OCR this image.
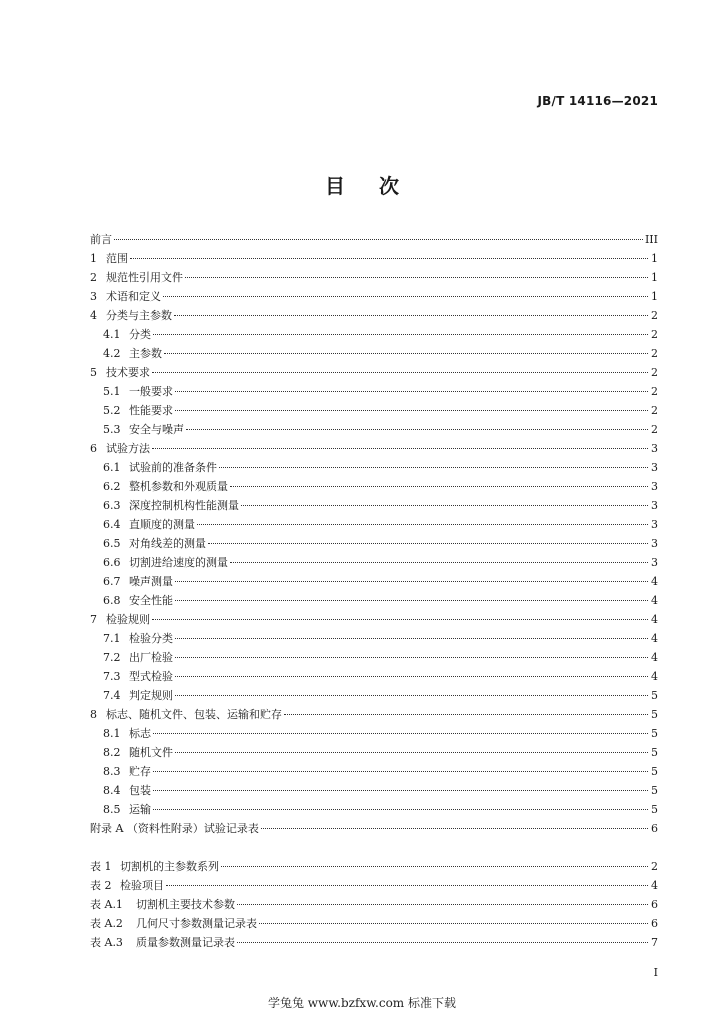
JB/T 14116—2021
目 次
前言	III
1 范围	1
2 规范性引用文件	1
3 术语和定义	1
4 分类与主参数	2
4.1 分类	2
4.2 主参数	2
5 技术要求	2
5.1 一般要求	2
5.2 性能要求	2
5.3 安全与噪声	2
6 试验方法	3
6.1 试验前的准备条件	3
6.2 整机参数和外观质量	3
6.3 深度控制机构性能测量	3
6.4 直顺度的测量	3
6.5 对角线差的测量	3
6.6 切割进给速度的测量	3
6.7 噪声测量	4
6.8 安全性能	4
7 检验规则	4
7.1 检验分类	4
7.2 出厂检验	4
7.3 型式检验	4
7.4 判定规则	5
8 标志、随机文件、包装、运输和贮存	5
8.1 标志	5
8.2 随机文件	5
8.3 贮存	5
8.4 包装	5
8.5 运输	5
附录 A （资料性附录）试验记录表	6
表 1 切割机的主参数系列	2
表 2 检验项目	4
表 A.1	切割机主要技术参数	6
表 A.2	几何尺寸参数测量记录表	6
表 A.3	质量参数测量记录表	7
I
学兔兔 www.bzfxw.com 标准下载
